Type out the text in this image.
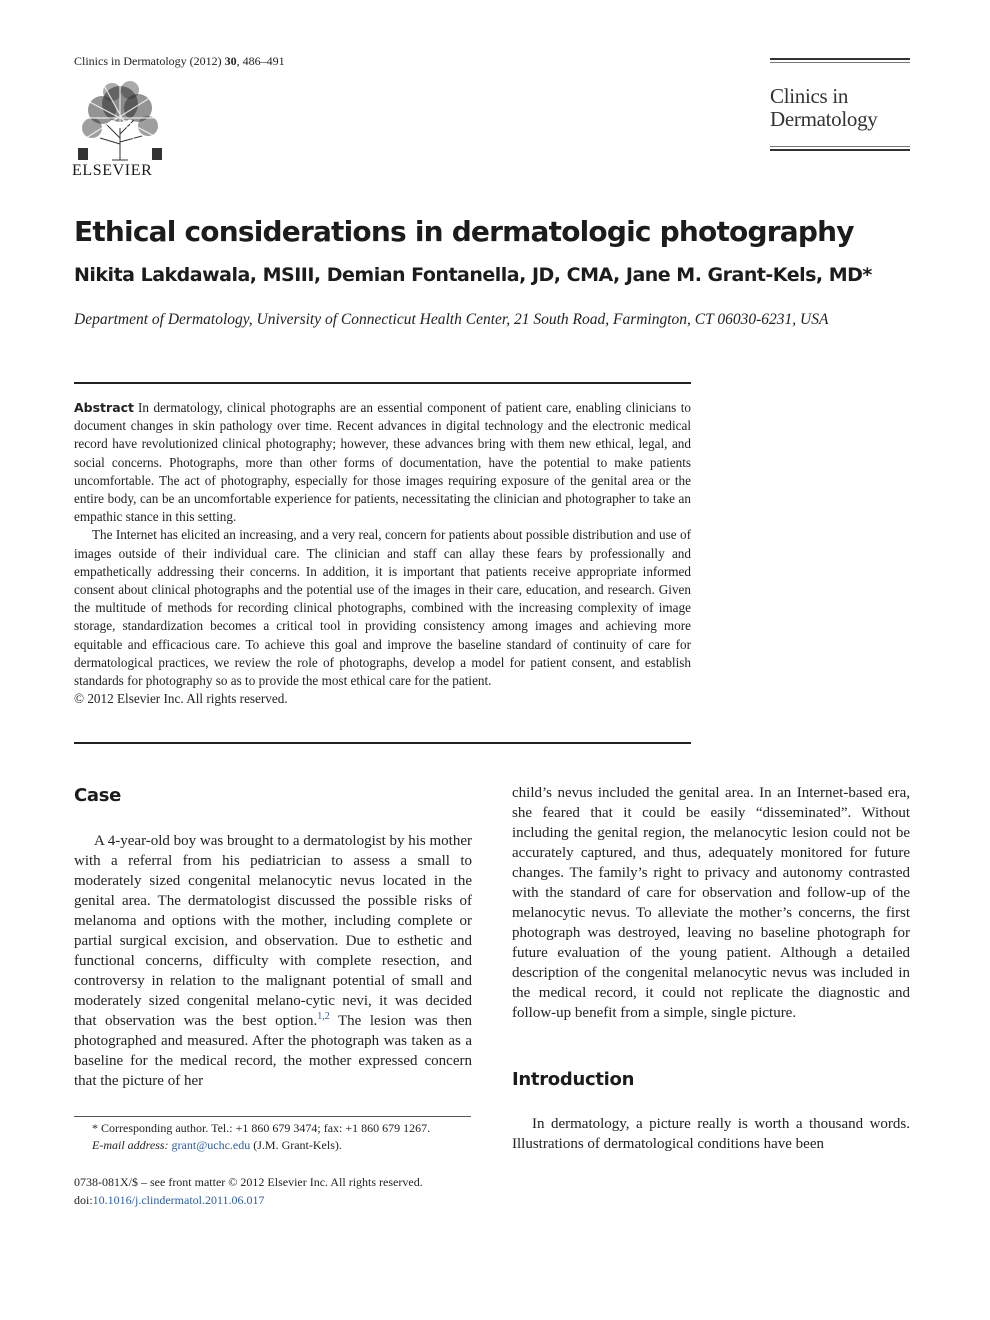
Clinics in Dermatology (2012) 30, 486–491
ELSEVIER
Clinics in
Dermatology
Ethical considerations in dermatologic photography
Nikita Lakdawala, MSIII, Demian Fontanella, JD, CMA, Jane M. Grant-Kels, MD*
Department of Dermatology, University of Connecticut Health Center, 21 South Road, Farmington, CT 06030-6231, USA

Abstract In dermatology, clinical photographs are an essential component of patient care, enabling clinicians to document changes in skin pathology over time. Recent advances in digital technology and the electronic medical record have revolutionized clinical photography; however, these advances bring with them new ethical, legal, and social concerns. Photographs, more than other forms of documentation, have the potential to make patients uncomfortable. The act of photography, especially for those images requiring exposure of the genital area or the entire body, can be an uncomfortable experience for patients, necessitating the clinician and photographer to take an empathic stance in this setting.

The Internet has elicited an increasing, and a very real, concern for patients about possible distribution and use of images outside of their individual care. The clinician and staff can allay these fears by professionally and empathetically addressing their concerns. In addition, it is important that patients receive appropriate informed consent about clinical photographs and the potential use of the images in their care, education, and research. Given the multitude of methods for recording clinical photographs, combined with the increasing complexity of image storage, standardization becomes a critical tool in providing consistency among images and achieving more equitable and efficacious care. To achieve this goal and improve the baseline standard of continuity of care for dermatological practices, we review the role of photographs, develop a model for patient consent, and establish standards for photography so as to provide the most ethical care for the patient.

© 2012 Elsevier Inc. All rights reserved.

Case

A 4-year-old boy was brought to a dermatologist by his mother with a referral from his pediatrician to assess a small to moderately sized congenital melanocytic nevus located in the genital area. The dermatologist discussed the possible risks of melanoma and options with the mother, including complete or partial surgical excision, and observation. Due to esthetic and functional concerns, difficulty with complete resection, and controversy in relation to the malignant potential of small and moderately sized congenital melano-cytic nevi, it was decided that observation was the best option.$^{1,2}$ The lesion was then photographed and measured. After the photograph was taken as a baseline for the medical record, the mother expressed concern that the picture of her

* Corresponding author. Tel.: +1 860 679 3474; fax: +1 860 679 1267.
E-mail address: grant@uchc.edu (J.M. Grant-Kels).
0738-081X/$ – see front matter © 2012 Elsevier Inc. All rights reserved.
doi:10.1016/j.clindermatol.2011.06.017

child’s nevus included the genital area. In an Internet-based era, she feared that it could be easily “disseminated”. Without including the genital region, the melanocytic lesion could not be accurately captured, and thus, adequately monitored for future changes. The family’s right to privacy and autonomy contrasted with the standard of care for observation and follow-up of the melanocytic nevus. To alleviate the mother’s concerns, the first photograph was destroyed, leaving no baseline photograph for future evaluation of the young patient. Although a detailed description of the congenital melanocytic nevus was included in the medical record, it could not replicate the diagnostic and follow-up benefit from a simple, single picture.

Introduction

In dermatology, a picture really is worth a thousand words. Illustrations of dermatological conditions have been
